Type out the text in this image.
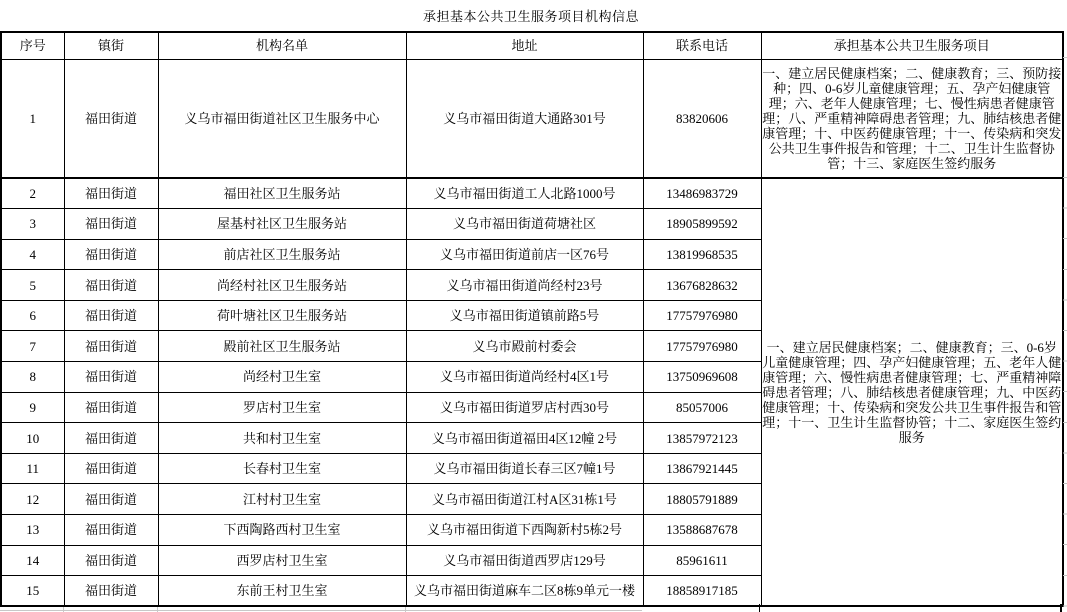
承担基本公共卫生服务项目机构信息
序号	镇街	机构名单	地址	联系电话	承担基本公共卫生服务项目
1	福田街道	义乌市福田街道社区卫生服务中心	义乌市福田街道大通路301号	83820606	一、建立居民健康档案；二、健康教育；三、预防接种；四、0-6岁儿童健康管理；五、孕产妇健康管理；六、老年人健康管理；七、慢性病患者健康管理；八、严重精神障碍患者管理；九、肺结核患者健康管理；十、中医药健康管理；十一、传染病和突发公共卫生事件报告和管理；十二、卫生计生监督协管；十三、家庭医生签约服务
2	福田街道	福田社区卫生服务站	义乌市福田街道工人北路1000号	13486983729	一、建立居民健康档案；二、健康教育；三、0-6岁儿童健康管理；四、孕产妇健康管理；五、老年人健康管理；六、慢性病患者健康管理；七、严重精神障碍患者管理；八、肺结核患者健康管理；九、中医药健康管理；十、传染病和突发公共卫生事件报告和管理；十一、卫生计生监督协管；十二、家庭医生签约服务
3	福田街道	屋基村社区卫生服务站	义乌市福田街道荷塘社区	18905899592	
4	福田街道	前店社区卫生服务站	义乌市福田街道前店一区76号	13819968535	
5	福田街道	尚经村社区卫生服务站	义乌市福田街道尚经村23号	13676828632	
6	福田街道	荷叶塘社区卫生服务站	义乌市福田街道镇前路5号	17757976980	
7	福田街道	殿前社区卫生服务站	义乌市殿前村委会	17757976980	
8	福田街道	尚经村卫生室	义乌市福田街道尚经村4区1号	13750969608	
9	福田街道	罗店村卫生室	义乌市福田街道罗店村西30号	85057006	
10	福田街道	共和村卫生室	义乌市福田街道福田4区12幢 2号	13857972123	
11	福田街道	长春村卫生室	义乌市福田街道长春三区7幢1号	13867921445	
12	福田街道	江村村卫生室	义乌市福田街道江村A区31栋1号	18805791889	
13	福田街道	下西陶路西村卫生室	义乌市福田街道下西陶新村5栋2号	13588687678	
14	福田街道	西罗店村卫生室	义乌市福田街道西罗店129号	85961611	
15	福田街道	东前王村卫生室	义乌市福田街道麻车二区8栋9单元一楼	18858917185	
